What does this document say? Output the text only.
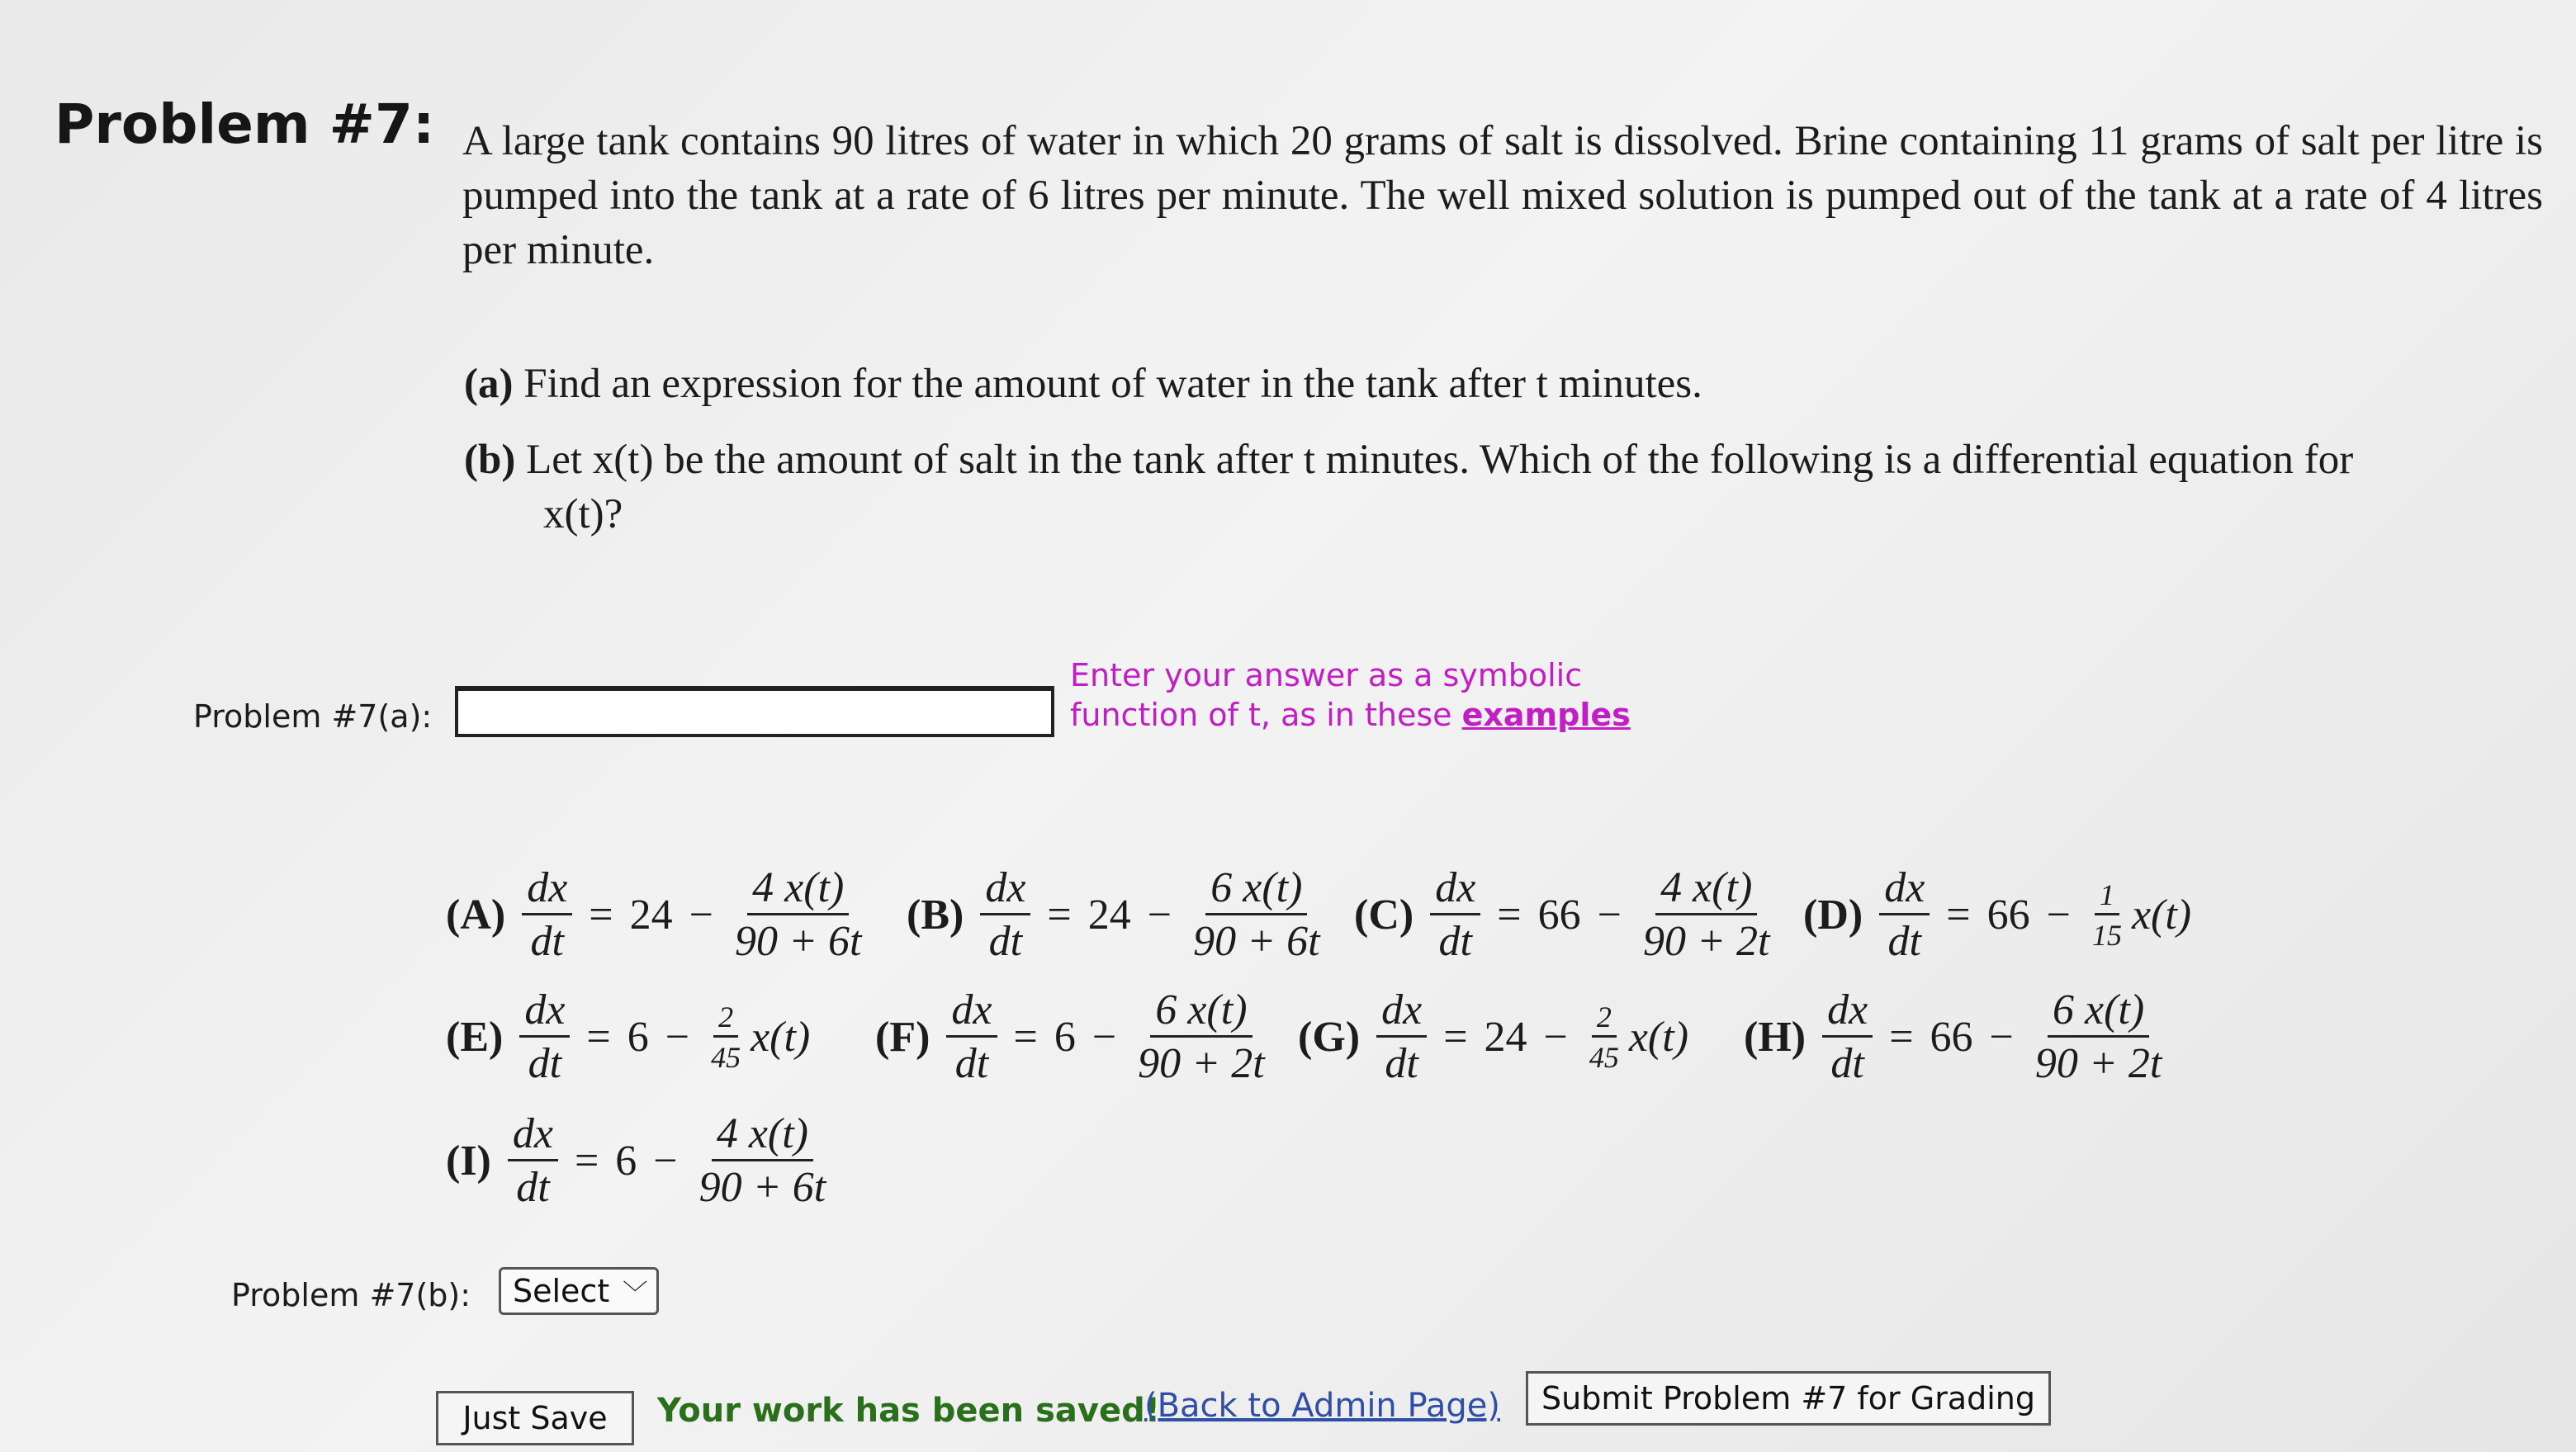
Problem #7: A large tank contains 90 litres of water in which 20 grams of salt is dissolved. Brine containing 11 grams of salt per litre is pumped into the tank at a rate of 6 litres per minute. The well mixed solution is pumped out of the tank at a rate of 4 litres per minute.
(a) Find an expression for the amount of water in the tank after t minutes.
(b) Let x(t) be the amount of salt in the tank after t minutes. Which of the following is a differential equation for
x(t)?
Problem #7(a):
Enter your answer as a symbolic function of t, as in these examples
$(A) \frac{dx}{dt} = 24 - \frac{4 x(t)}{90 + 6t} (B) \frac{dx}{dt} = 24 - \frac{6 x(t)}{90 + 6t} (C) \frac{dx}{dt} = 66 - \frac{4 x(t)}{90 + 2t} (D) \frac{dx}{dt} = 66 - \frac{1}{15} x(t)$
$(E) \frac{dx}{dt} = 6 - \frac{2}{45} x(t)$ $(F) \frac{dx}{dt} = 6 - \frac{6 x(t)}{90 + 2t} (G) \frac{dx}{dt} = 24 - \frac{2}{45} x(t)$ $(H) \frac{dx}{dt} = 66 - \frac{6 x(t)}{90 + 2t}$
$(I) \frac{dx}{dt} = 6 - \frac{4 x(t)}{90 + 6t}$
Problem #7(b): Select ﹀
Just Save	Your work has been saved!
(Back to Admin Page)	Submit Problem #7 for Grading
